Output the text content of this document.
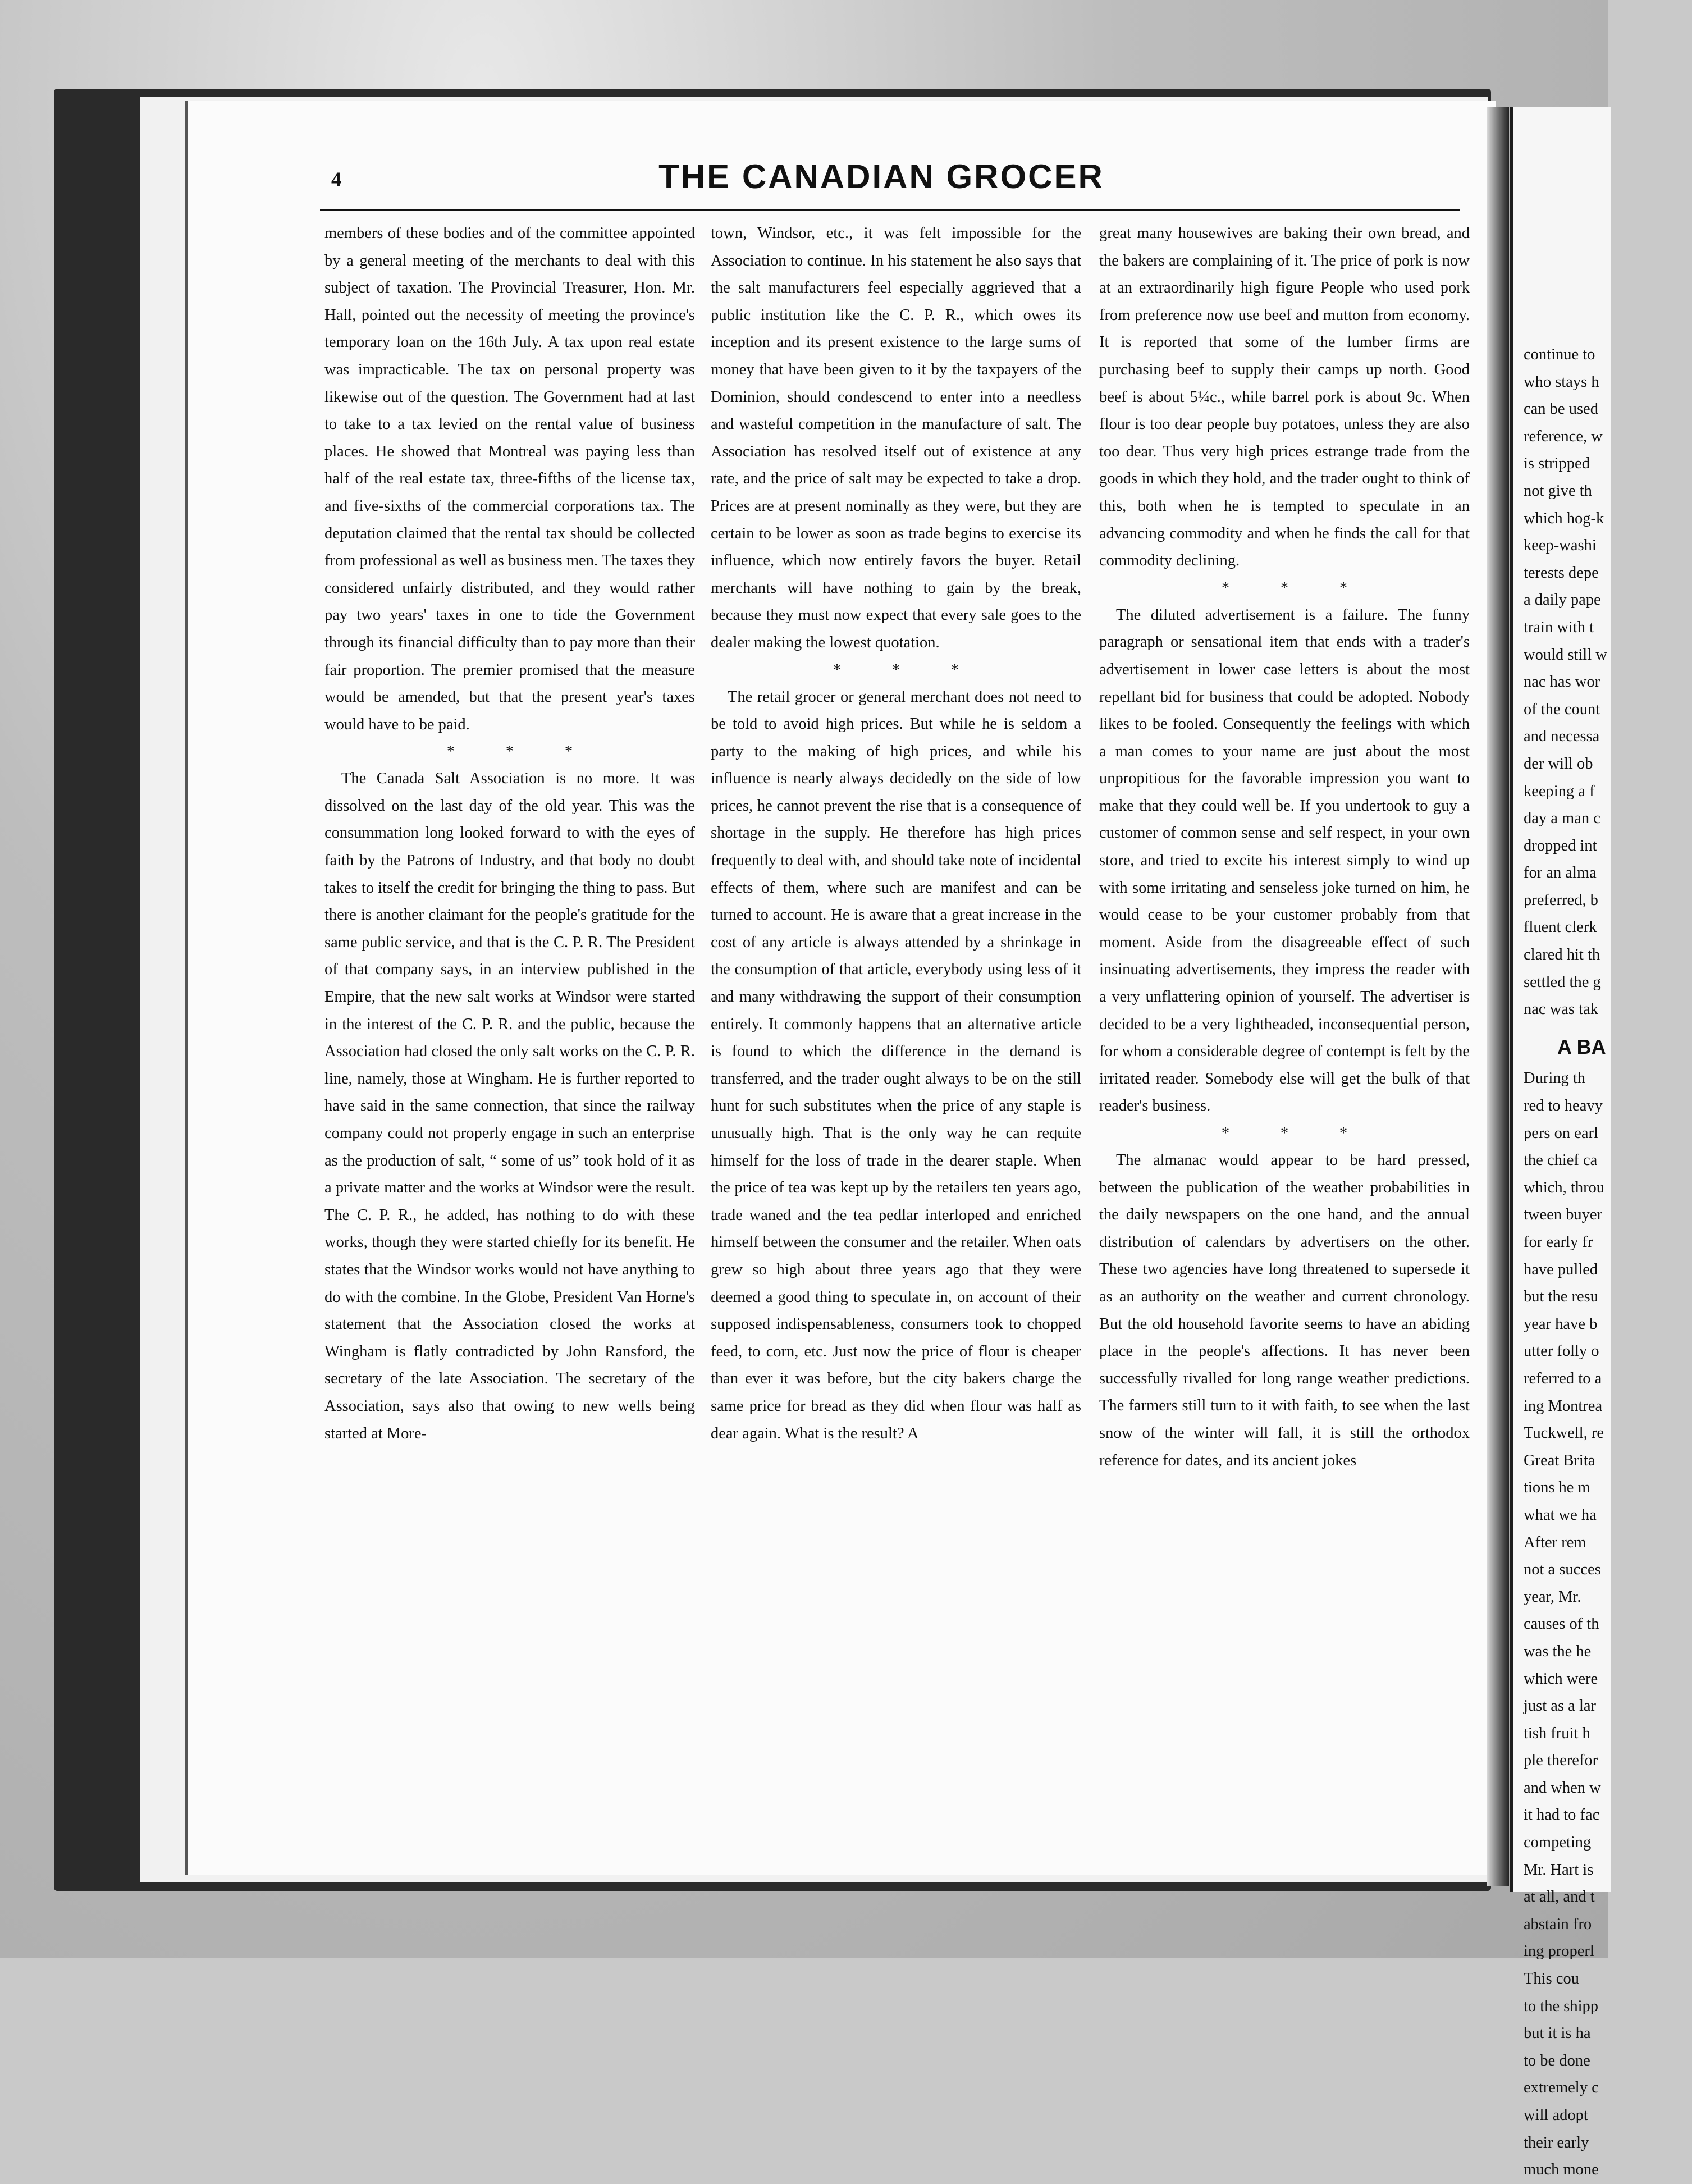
4	THE CANADIAN GROCER

members of these bodies and of the committee appointed by a general meeting of the merchants to deal with this subject of taxation. The Provincial Treasurer, Hon. Mr. Hall, pointed out the necessity of meeting the province's temporary loan on the 16th July. A tax upon real estate was impracticable. The tax on personal property was likewise out of the question. The Government had at last to take to a tax levied on the rental value of business places. He showed that Montreal was paying less than half of the real estate tax, three-fifths of the license tax, and five-sixths of the commercial corporations tax. The deputation claimed that the rental tax should be collected from professional as well as business men. The taxes they considered unfairly distributed, and they would rather pay two years' taxes in one to tide the Government through its financial difficulty than to pay more than their fair proportion. The premier promised that the measure would be amended, but that the present year's taxes would have to be paid.

* * *

The Canada Salt Association is no more. It was dissolved on the last day of the old year. This was the consummation long looked forward to with the eyes of faith by the Patrons of Industry, and that body no doubt takes to itself the credit for bringing the thing to pass. But there is another claimant for the people's gratitude for the same public service, and that is the C. P. R. The President of that company says, in an interview published in the Empire, that the new salt works at Windsor were started in the interest of the C. P. R. and the public, because the Association had closed the only salt works on the C. P. R. line, namely, those at Wingham. He is further reported to have said in the same connection, that since the railway company could not properly engage in such an enterprise as the production of salt, “ some of us” took hold of it as a private matter and the works at Windsor were the result. The C. P. R., he added, has nothing to do with these works, though they were started chiefly for its benefit. He states that the Windsor works would not have anything to do with the combine. In the Globe, President Van Horne's statement that the Association closed the works at Wingham is flatly contradicted by John Ransford, the secretary of the late Association. The secretary of the Association, says also that owing to new wells being started at More-

town, Windsor, etc., it was felt impossible for the Association to continue. In his statement he also says that the salt manufacturers feel especially aggrieved that a public institution like the C. P. R., which owes its inception and its present existence to the large sums of money that have been given to it by the taxpayers of the Dominion, should condescend to enter into a needless and wasteful competition in the manufacture of salt. The Association has resolved itself out of existence at any rate, and the price of salt may be expected to take a drop. Prices are at present nominally as they were, but they are certain to be lower as soon as trade begins to exercise its influence, which now entirely favors the buyer. Retail merchants will have nothing to gain by the break, because they must now expect that every sale goes to the dealer making the lowest quotation.

* * *

The retail grocer or general merchant does not need to be told to avoid high prices. But while he is seldom a party to the making of high prices, and while his influence is nearly always decidedly on the side of low prices, he cannot prevent the rise that is a consequence of shortage in the supply. He therefore has high prices frequently to deal with, and should take note of incidental effects of them, where such are manifest and can be turned to account. He is aware that a great increase in the cost of any article is always attended by a shrinkage in the consumption of that article, everybody using less of it and many withdrawing the support of their consumption entirely. It commonly happens that an alternative article is found to which the difference in the demand is transferred, and the trader ought always to be on the still hunt for such substitutes when the price of any staple is unusually high. That is the only way he can requite himself for the loss of trade in the dearer staple. When the price of tea was kept up by the retailers ten years ago, trade waned and the tea pedlar interloped and enriched himself between the consumer and the retailer. When oats grew so high about three years ago that they were deemed a good thing to speculate in, on account of their supposed indispensableness, consumers took to chopped feed, to corn, etc. Just now the price of flour is cheaper than ever it was before, but the city bakers charge the same price for bread as they did when flour was half as dear again. What is the result? A

great many housewives are baking their own bread, and the bakers are complaining of it. The price of pork is now at an extraordinarily high figure People who used pork from preference now use beef and mutton from economy. It is reported that some of the lumber firms are purchasing beef to supply their camps up north. Good beef is about 5¼c., while barrel pork is about 9c. When flour is too dear people buy potatoes, unless they are also too dear. Thus very high prices estrange trade from the goods in which they hold, and the trader ought to think of this, both when he is tempted to speculate in an advancing commodity and when he finds the call for that commodity declining.

* * *

The diluted advertisement is a failure. The funny paragraph or sensational item that ends with a trader's advertisement in lower case letters is about the most repellant bid for business that could be adopted. Nobody likes to be fooled. Consequently the feelings with which a man comes to your name are just about the most unpropitious for the favorable impression you want to make that they could well be. If you undertook to guy a customer of common sense and self respect, in your own store, and tried to excite his interest simply to wind up with some irritating and senseless joke turned on him, he would cease to be your customer probably from that moment. Aside from the disagreeable effect of such insinuating advertisements, they impress the reader with a very unflattering opinion of yourself. The advertiser is decided to be a very lightheaded, inconsequential person, for whom a considerable degree of contempt is felt by the irritated reader. Somebody else will get the bulk of that reader's business.

* * *

The almanac would appear to be hard pressed, between the publication of the weather probabilities in the daily newspapers on the one hand, and the annual distribution of calendars by advertisers on the other. These two agencies have long threatened to supersede it as an authority on the weather and current chronology. But the old household favorite seems to have an abiding place in the people's affections. It has never been successfully rivalled for long range weather predictions. The farmers still turn to it with faith, to see when the last snow of the winter will fall, it is still the orthodox reference for dates, and its ancient jokes

continue to
who stays h
can be used
reference, w
is stripped
not give th
which hog-k
keep-washi
terests depe
a daily pape
train with t
would still w
nac has wor
of the count
and necessa
der will ob
keeping a f
day a man c
dropped int
for an alma
preferred, b
fluent clerk
clared hit th
settled the g
nac was tak
A BA
During th
red to heavy
pers on earl
the chief ca
which, throu
tween buyer
for early fr
have pulled
but the resu
year have b
utter folly o
referred to a
ing Montrea
Tuckwell, re
Great Brita
tions he m
what we ha
After rem
not a succes
year, Mr.
causes of th
was the he
which were
just as a lar
tish fruit h
ple therefor
and when w
it had to fac
competing
Mr. Hart is
at all, and t
abstain fro
ing properl
This cou
to the shipp
but it is ha
to be done
extremely c
will adopt
their early
much mone
